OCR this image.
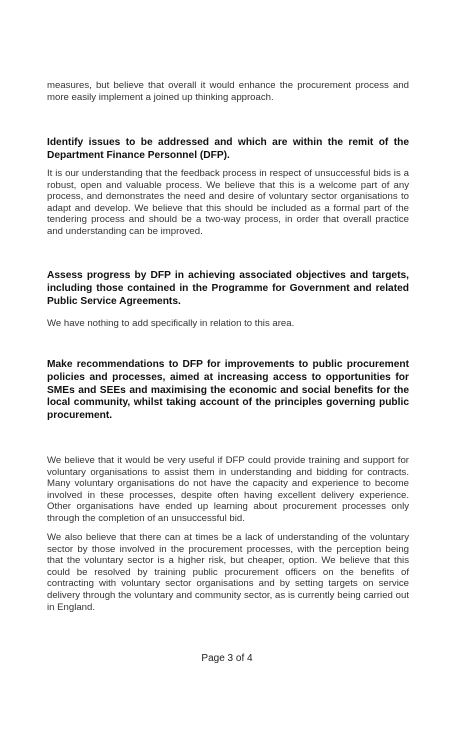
measures, but believe that overall it would enhance the procurement process and more easily implement a joined up thinking approach.
Identify issues to be addressed and which are within the remit of the Department Finance Personnel (DFP).
It is our understanding that the feedback process in respect of unsuccessful bids is a robust, open and valuable process. We believe that this is a welcome part of any process, and demonstrates the need and desire of voluntary sector organisations to adapt and develop. We believe that this should be included as a formal part of the tendering process and should be a two-way process, in order that overall practice and understanding can be improved.
Assess progress by DFP in achieving associated objectives and targets, including those contained in the Programme for Government and related Public Service Agreements.
We have nothing to add specifically in relation to this area.
Make recommendations to DFP for improvements to public procurement policies and processes, aimed at increasing access to opportunities for SMEs and SEEs and maximising the economic and social benefits for the local community, whilst taking account of the principles governing public procurement.
We believe that it would be very useful if DFP could provide training and support for voluntary organisations to assist them in understanding and bidding for contracts. Many voluntary organisations do not have the capacity and experience to become involved in these processes, despite often having excellent delivery experience. Other organisations have ended up learning about procurement processes only through the completion of an unsuccessful bid.
We also believe that there can at times be a lack of understanding of the voluntary sector by those involved in the procurement processes, with the perception being that the voluntary sector is a higher risk, but cheaper, option. We believe that this could be resolved by training public procurement officers on the benefits of contracting with voluntary sector organisations and by setting targets on service delivery through the voluntary and community sector, as is currently being carried out in England.
Page 3 of 4
